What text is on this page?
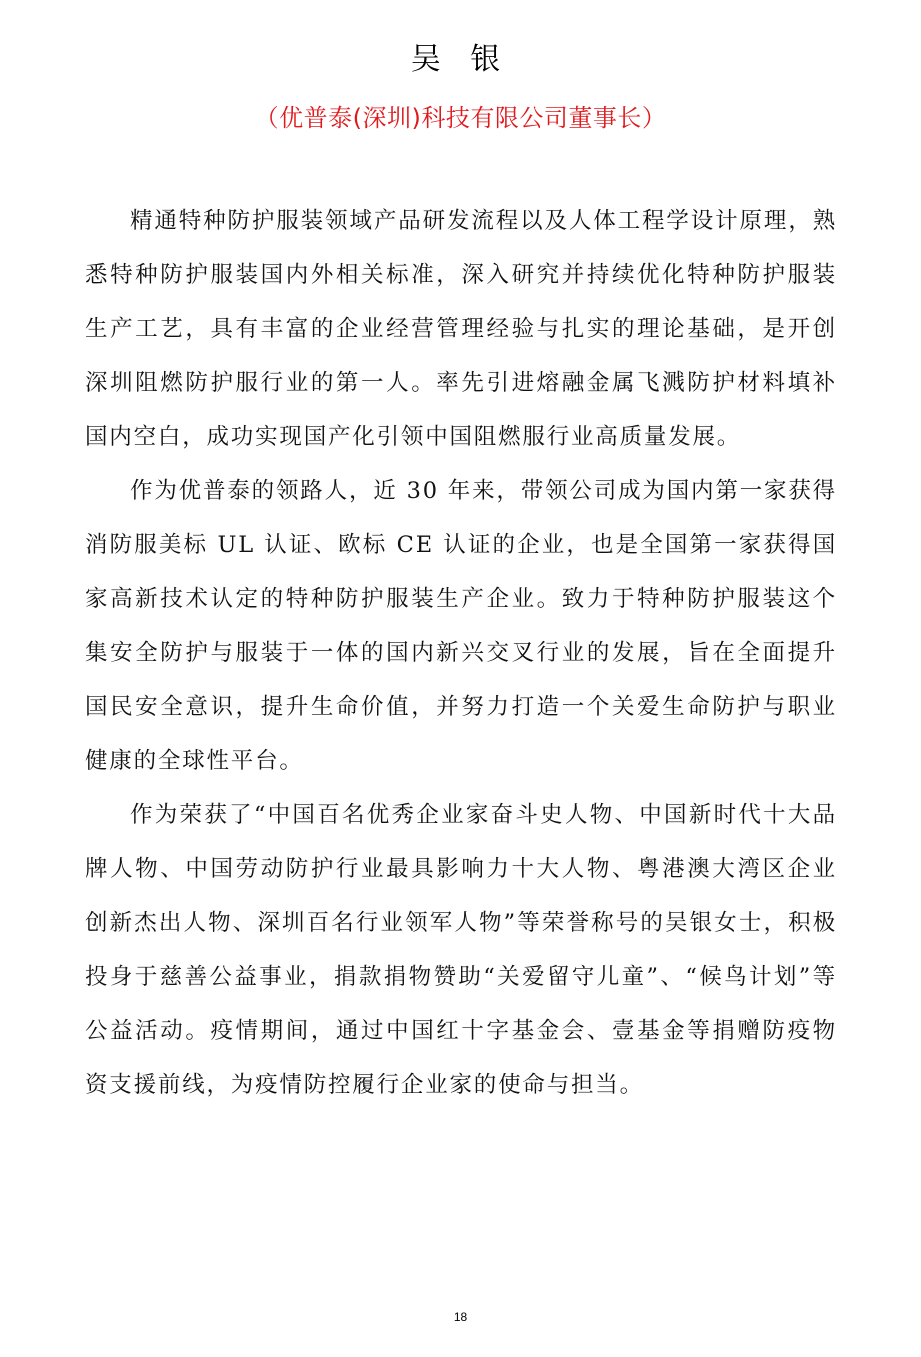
吴 银
（优普泰(深圳)科技有限公司董事长）

精通特种防护服装领域产品研发流程以及人体工程学设计原理，熟悉特种防护服装国内外相关标准，深入研究并持续优化特种防护服装生产工艺，具有丰富的企业经营管理经验与扎实的理论基础，是开创深圳阻燃防护服行业的第一人。率先引进熔融金属飞溅防护材料填补国内空白，成功实现国产化引领中国阻燃服行业高质量发展。

作为优普泰的领路人，近 30 年来，带领公司成为国内第一家获得消防服美标 UL 认证、欧标 CE 认证的企业，也是全国第一家获得国家高新技术认定的特种防护服装生产企业。致力于特种防护服装这个集安全防护与服装于一体的国内新兴交叉行业的发展，旨在全面提升国民安全意识，提升生命价值，并努力打造一个关爱生命防护与职业健康的全球性平台。

作为荣获了“中国百名优秀企业家奋斗史人物、中国新时代十大品牌人物、中国劳动防护行业最具影响力十大人物、粤港澳大湾区企业创新杰出人物、深圳百名行业领军人物”等荣誉称号的吴银女士，积极投身于慈善公益事业，捐款捐物赞助“关爱留守儿童”、“候鸟计划”等公益活动。疫情期间，通过中国红十字基金会、壹基金等捐赠防疫物资支援前线，为疫情防控履行企业家的使命与担当。

18
